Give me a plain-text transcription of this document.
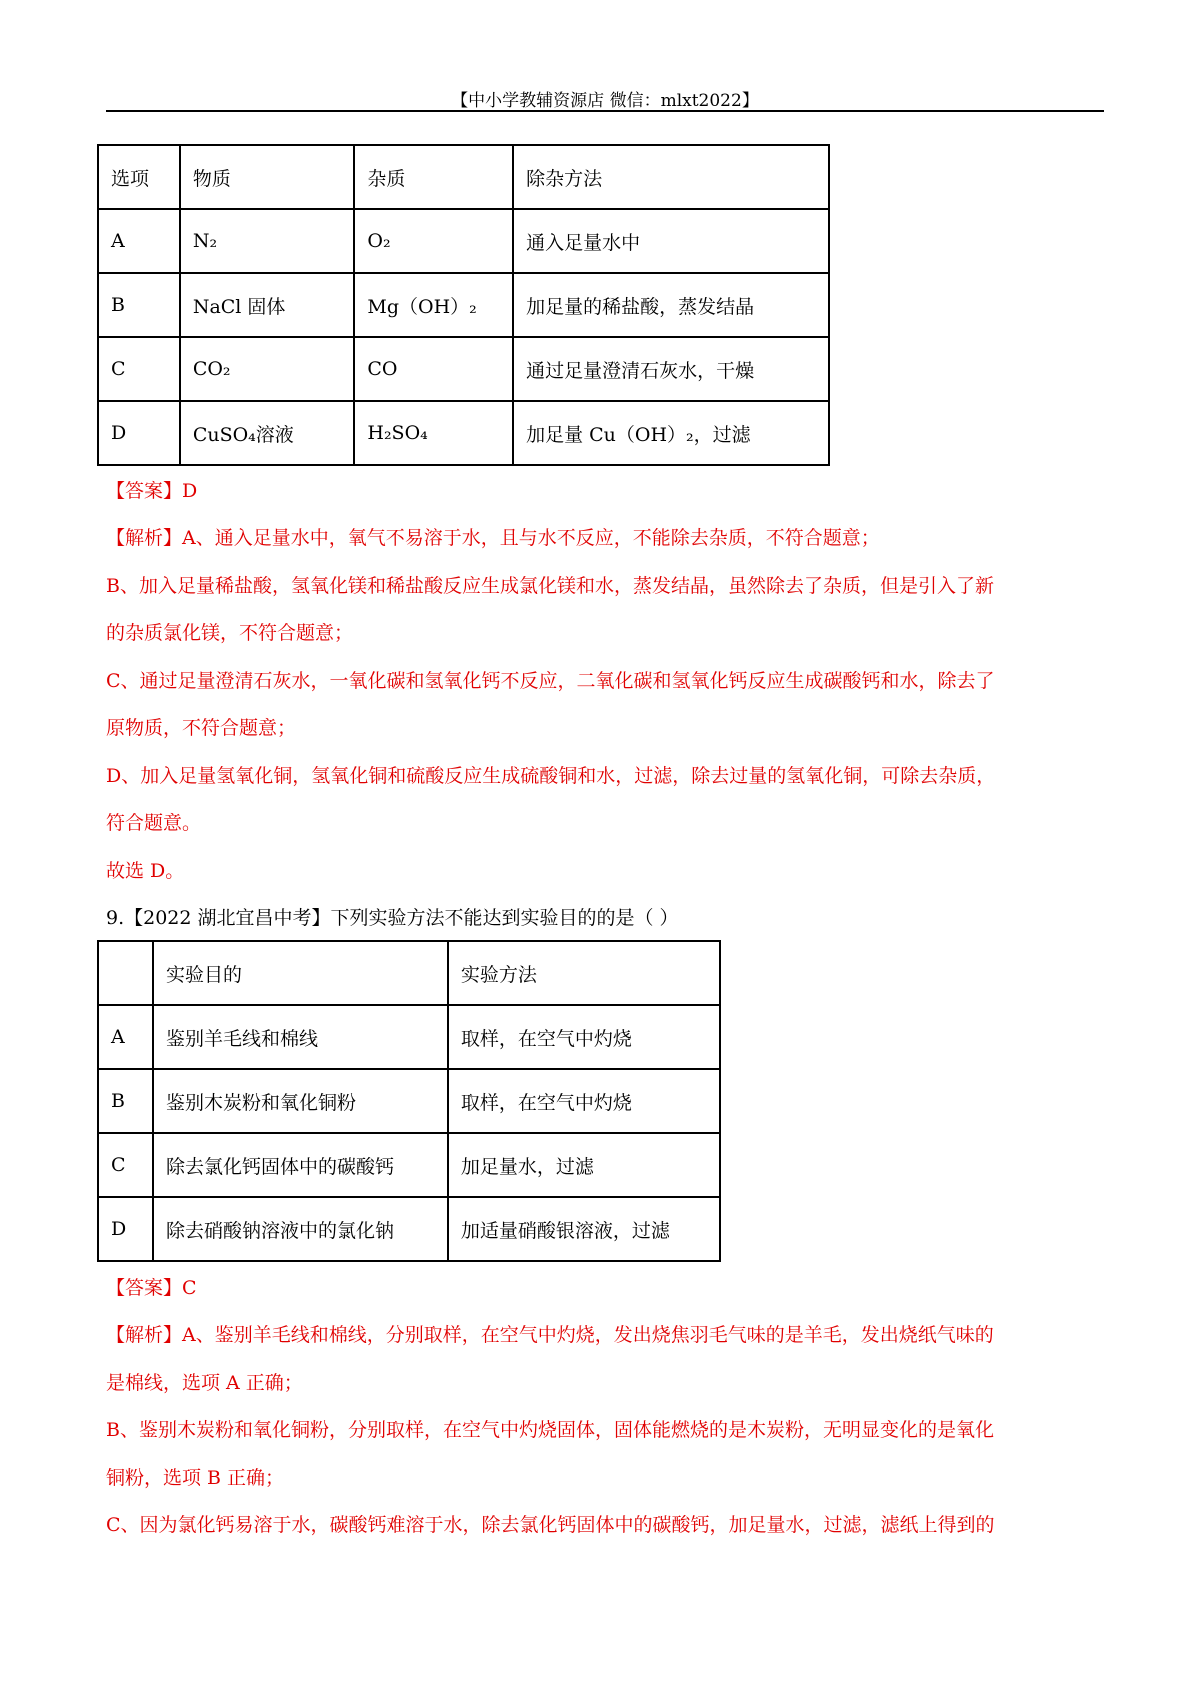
【中小学教辅资源店 微信：mlxt2022】
选项	物质	杂质	除杂方法
A	N₂	O₂	通入足量水中
B	NaCl 固体	Mg（OH）₂	加足量的稀盐酸，蒸发结晶
C	CO₂	CO	通过足量澄清石灰水，干燥
D	CuSO₄溶液	H₂SO₄	加足量 Cu（OH）₂，过滤
【答案】D
【解析】A、通入足量水中，氧气不易溶于水，且与水不反应，不能除去杂质，不符合题意；
B、加入足量稀盐酸，氢氧化镁和稀盐酸反应生成氯化镁和水，蒸发结晶，虽然除去了杂质，但是引入了新
的杂质氯化镁，不符合题意；
C、通过足量澄清石灰水，一氧化碳和氢氧化钙不反应，二氧化碳和氢氧化钙反应生成碳酸钙和水，除去了
原物质，不符合题意；
D、加入足量氢氧化铜，氢氧化铜和硫酸反应生成硫酸铜和水，过滤，除去过量的氢氧化铜，可除去杂质，
符合题意。
故选 D。
9.【2022 湖北宜昌中考】下列实验方法不能达到实验目的的是（ ）
	实验目的	实验方法
A	鉴别羊毛线和棉线	取样，在空气中灼烧
B	鉴别木炭粉和氧化铜粉	取样，在空气中灼烧
C	除去氯化钙固体中的碳酸钙	加足量水，过滤
D	除去硝酸钠溶液中的氯化钠	加适量硝酸银溶液，过滤
【答案】C
【解析】A、鉴别羊毛线和棉线，分别取样，在空气中灼烧，发出烧焦羽毛气味的是羊毛，发出烧纸气味的
是棉线，选项 A 正确；
B、鉴别木炭粉和氧化铜粉，分别取样，在空气中灼烧固体，固体能燃烧的是木炭粉，无明显变化的是氧化
铜粉，选项 B 正确；
C、因为氯化钙易溶于水，碳酸钙难溶于水，除去氯化钙固体中的碳酸钙，加足量水，过滤，滤纸上得到的
